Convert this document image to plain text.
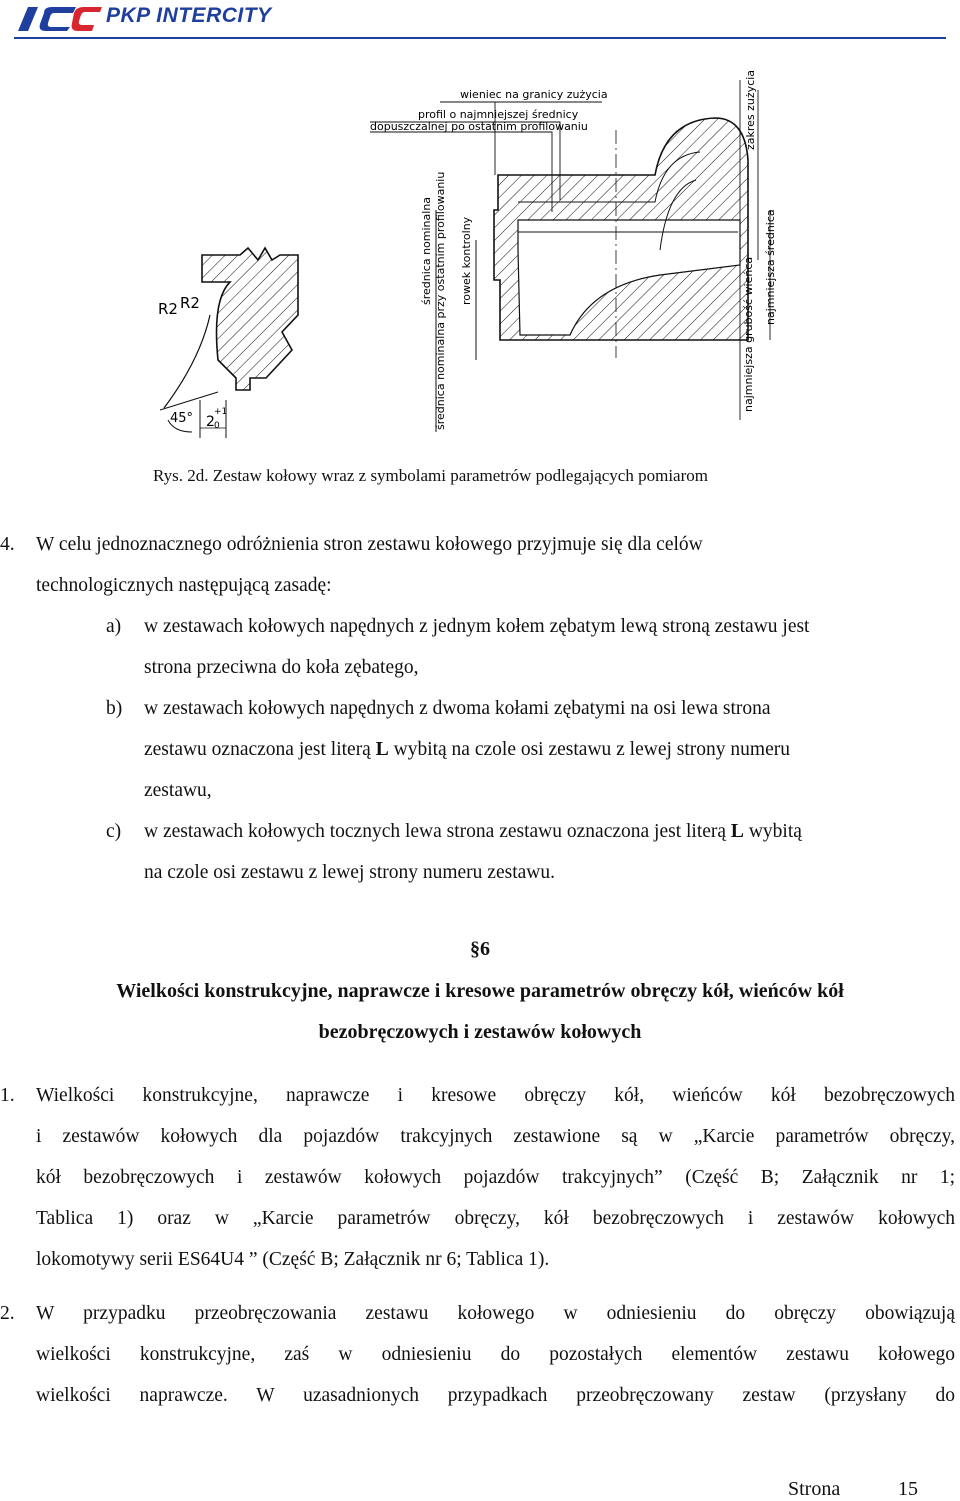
IC
PKP INTERCITY
R2 R2
45° 2 0
+1
wieniec na granicy zużycia
profil o najmniejszej średnicy
dopuszczalnej po ostatnim profilowaniu
średnica nominalna średnica nominalna przy ostatnim profilowaniu rowek kontrolny
zakres zużycia
najmniejsza grubość wieńca najmniejsza średnica
Rys. 2d. Zestaw kołowy wraz z symbolami parametrów podlegających pomiarom
4. W celu jednoznacznego odróżnienia stron zestawu kołowego przyjmuje się dla celów
technologicznych następującą zasadę:
a) w zestawach kołowych napędnych z jednym kołem zębatym lewą stroną zestawu jest
strona przeciwna do koła zębatego,
b) w zestawach kołowych napędnych z dwoma kołami zębatymi na osi lewa strona
zestawu oznaczona jest literą L wybitą na czole osi zestawu z lewej strony numeru
zestawu,
c) w zestawach kołowych tocznych lewa strona zestawu oznaczona jest literą L wybitą
na czole osi zestawu z lewej strony numeru zestawu.
§6
Wielkości konstrukcyjne, naprawcze i kresowe parametrów obręczy kół, wieńców kół
bezobręczowych i zestawów kołowych
1. Wielkości konstrukcyjne, naprawcze i kresowe obręczy kół, wieńców kół bezobręczowych
i zestawów kołowych dla pojazdów trakcyjnych zestawione są w „Karcie parametrów obręczy,
kół bezobręczowych i zestawów kołowych pojazdów trakcyjnych” (Część B; Załącznik nr 1;
Tablica 1) oraz w „Karcie parametrów obręczy, kół bezobręczowych i zestawów kołowych
lokomotywy serii ES64U4 ” (Część B; Załącznik nr 6; Tablica 1).
2. W przypadku przeobręczowania zestawu kołowego w odniesieniu do obręczy obowiązują
wielkości konstrukcyjne, zaś w odniesieniu do pozostałych elementów zestawu kołowego
wielkości naprawcze. W uzasadnionych przypadkach przeobręczowany zestaw (przysłany do
Strona	15
